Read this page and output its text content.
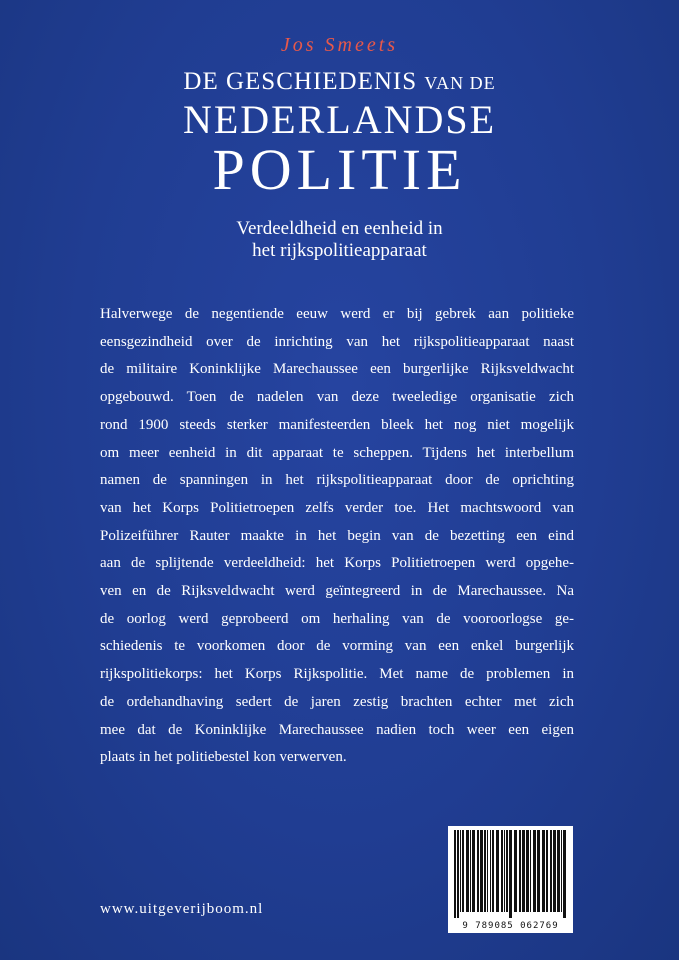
Jos Smeets
DE GESCHIEDENIS VAN DE
NEDERLANDSE
POLITIE
Verdeeldheid en eenheid in
het rijkspolitieapparaat
Halverwege de negentiende eeuw werd er bij gebrek aan politieke
eensgezindheid over de inrichting van het rijkspolitieapparaat naast
de militaire Koninklijke Marechaussee een burgerlijke Rijksveldwacht
opgebouwd. Toen de nadelen van deze tweeledige organisatie zich
rond 1900 steeds sterker manifesteerden bleek het nog niet mogelijk
om meer eenheid in dit apparaat te scheppen. Tijdens het interbellum
namen de spanningen in het rijkspolitieapparaat door de oprichting
van het Korps Politietroepen zelfs verder toe. Het machtswoord van
Polizeiführer Rauter maakte in het begin van de bezetting een eind
aan de splijtende verdeeldheid: het Korps Politietroepen werd opgehe-
ven en de Rijksveldwacht werd geïntegreerd in de Marechaussee. Na
de oorlog werd geprobeerd om herhaling van de vooroorlogse ge-
schiedenis te voorkomen door de vorming van een enkel burgerlijk
rijkspolitiekorps: het Korps Rijkspolitie. Met name de problemen in
de ordehandhaving sedert de jaren zestig brachten echter met zich
mee dat de Koninklijke Marechaussee nadien toch weer een eigen
plaats in het politiebestel kon verwerven.
www.uitgeverijboom.nl
9 789085 062769
